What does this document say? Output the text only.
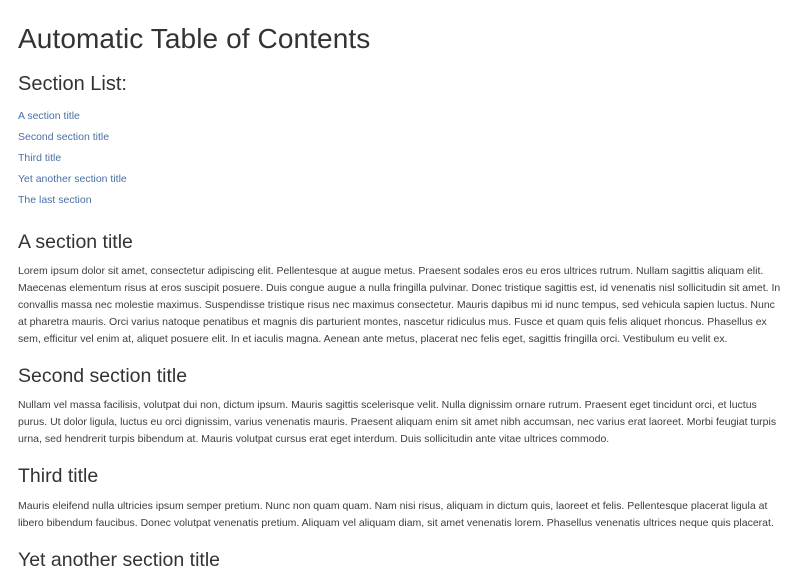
Automatic Table of Contents
Section List:
A section title
Second section title
Third title
Yet another section title
The last section
A section title

Lorem ipsum dolor sit amet, consectetur adipiscing elit. Pellentesque at augue metus. Praesent sodales eros eu eros ultrices rutrum. Nullam sagittis aliquam elit. Maecenas elementum risus at eros suscipit posuere. Duis congue augue a nulla fringilla pulvinar. Donec tristique sagittis est, id venenatis nisl sollicitudin sit amet. In convallis massa nec molestie maximus. Suspendisse tristique risus nec maximus consectetur. Mauris dapibus mi id nunc tempus, sed vehicula sapien luctus. Nunc at pharetra mauris. Orci varius natoque penatibus et magnis dis parturient montes, nascetur ridiculus mus. Fusce et quam quis felis aliquet rhoncus. Phasellus ex sem, efficitur vel enim at, aliquet posuere elit. In et iaculis magna. Aenean ante metus, placerat nec felis eget, sagittis fringilla orci. Vestibulum eu velit ex.

Second section title

Nullam vel massa facilisis, volutpat dui non, dictum ipsum. Mauris sagittis scelerisque velit. Nulla dignissim ornare rutrum. Praesent eget tincidunt orci, et luctus purus. Ut dolor ligula, luctus eu orci dignissim, varius venenatis mauris. Praesent aliquam enim sit amet nibh accumsan, nec varius erat laoreet. Morbi feugiat turpis urna, sed hendrerit turpis bibendum at. Mauris volutpat cursus erat eget interdum. Duis sollicitudin ante vitae ultrices commodo.

Third title

Mauris eleifend nulla ultricies ipsum semper pretium. Nunc non quam quam. Nam nisi risus, aliquam in dictum quis, laoreet et felis. Pellentesque placerat ligula at libero bibendum faucibus. Donec volutpat venenatis pretium. Aliquam vel aliquam diam, sit amet venenatis lorem. Phasellus venenatis ultrices neque quis placerat.

Yet another section title
